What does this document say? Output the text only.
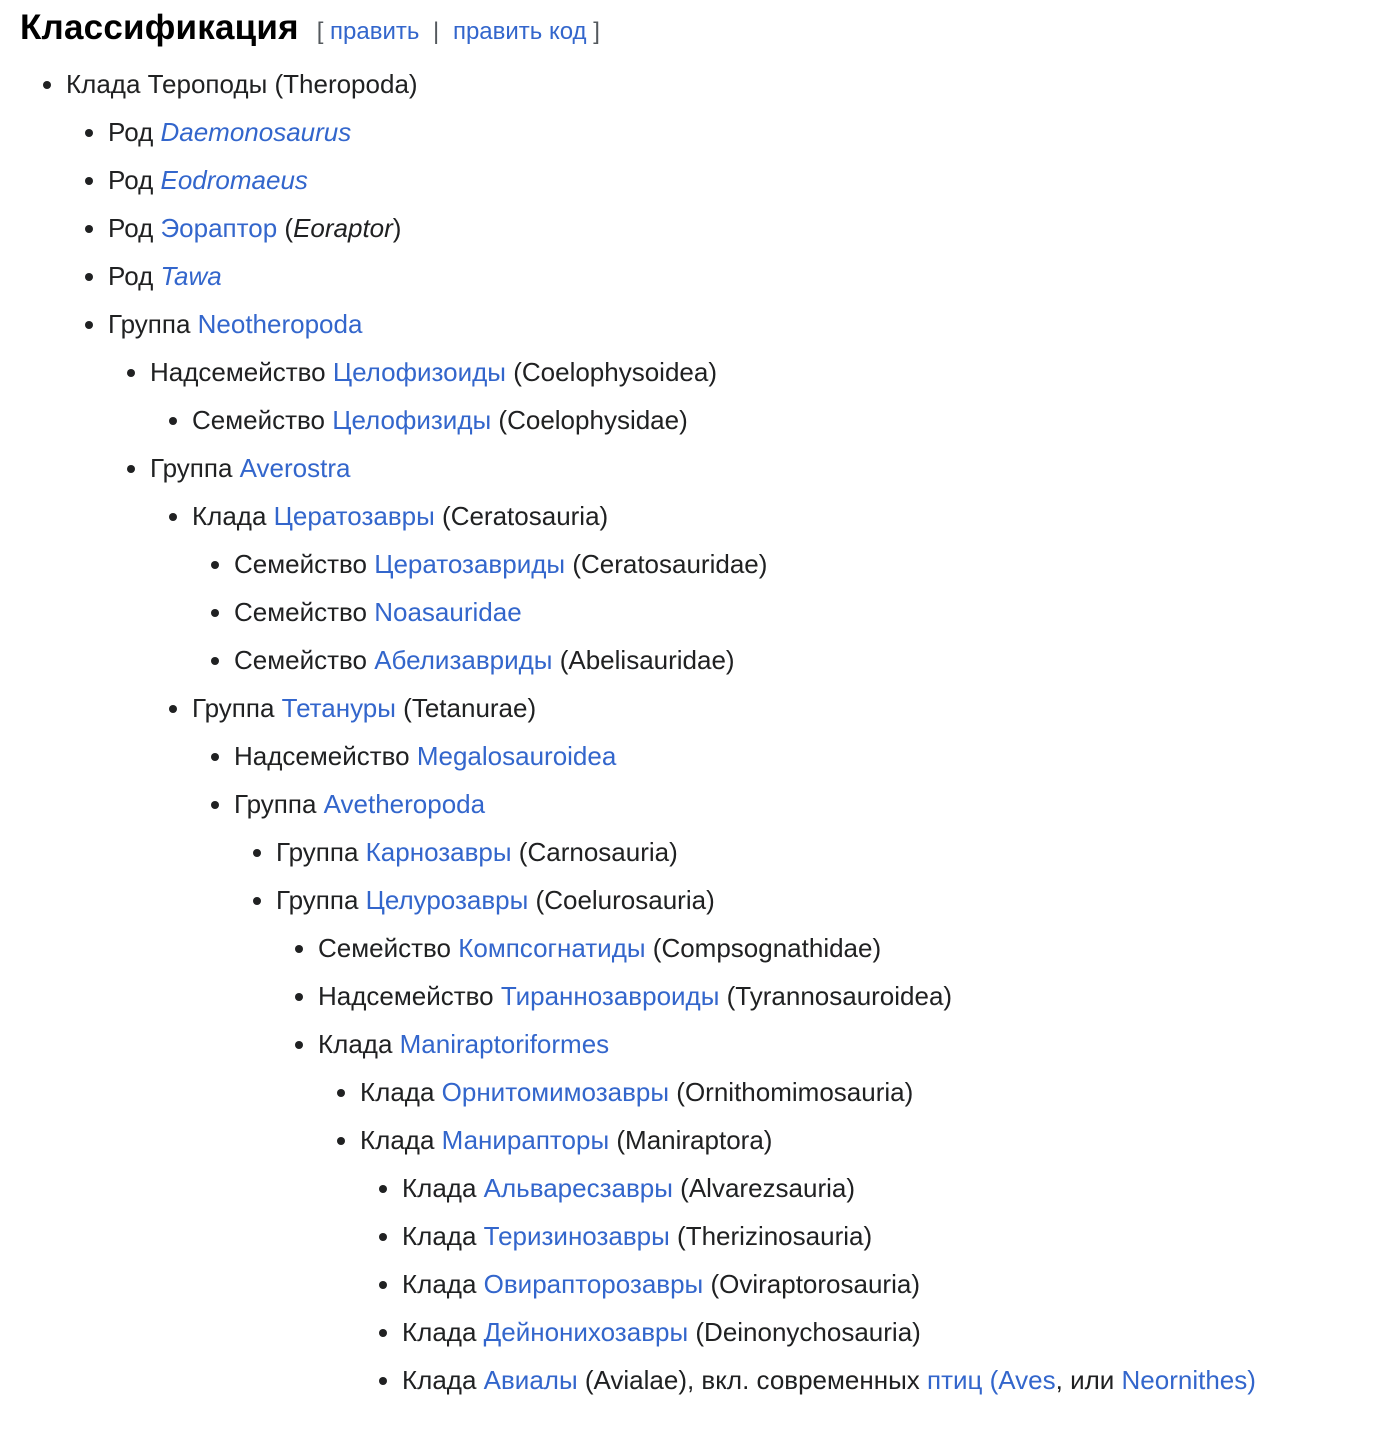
Классификация [ править | править код ]
• Клада Тероподы (Theropoda)
• Род Daemonosaurus
• Род Eodromaeus
• Род Эораптор (Eoraptor)
• Род Tawa
• Группа Neotheropoda
• Надсемейство Целофизоиды (Coelophysoidea)
• Семейство Целофизиды (Coelophysidae)
• Группа Averostra
• Клада Цератозавры (Ceratosauria)
• Семейство Цератозавриды (Ceratosauridae)
• Семейство Noasauridae
• Семейство Абелизавриды (Abelisauridae)
• Группа Тетануры (Tetanurae)
• Надсемейство Megalosauroidea
• Группа Avetheropoda
• Группа Карнозавры (Carnosauria)
• Группа Целурозавры (Coelurosauria)
• Семейство Компсогнатиды (Compsognathidae)
• Надсемейство Тираннозавроиды (Tyrannosauroidea)
• Клада Maniraptoriformes
• Клада Орнитомимозавры (Ornithomimosauria)
• Клада Манирапторы (Maniraptora)
• Клада Альваресзавры (Alvarezsauria)
• Клада Теризинозавры (Therizinosauria)
• Клада Овирапторозавры (Oviraptorosauria)
• Клада Дейнонихозавры (Deinonychosauria)
• Клада Авиалы (Avialae), вкл. современных птиц (Aves, или Neornithes)
